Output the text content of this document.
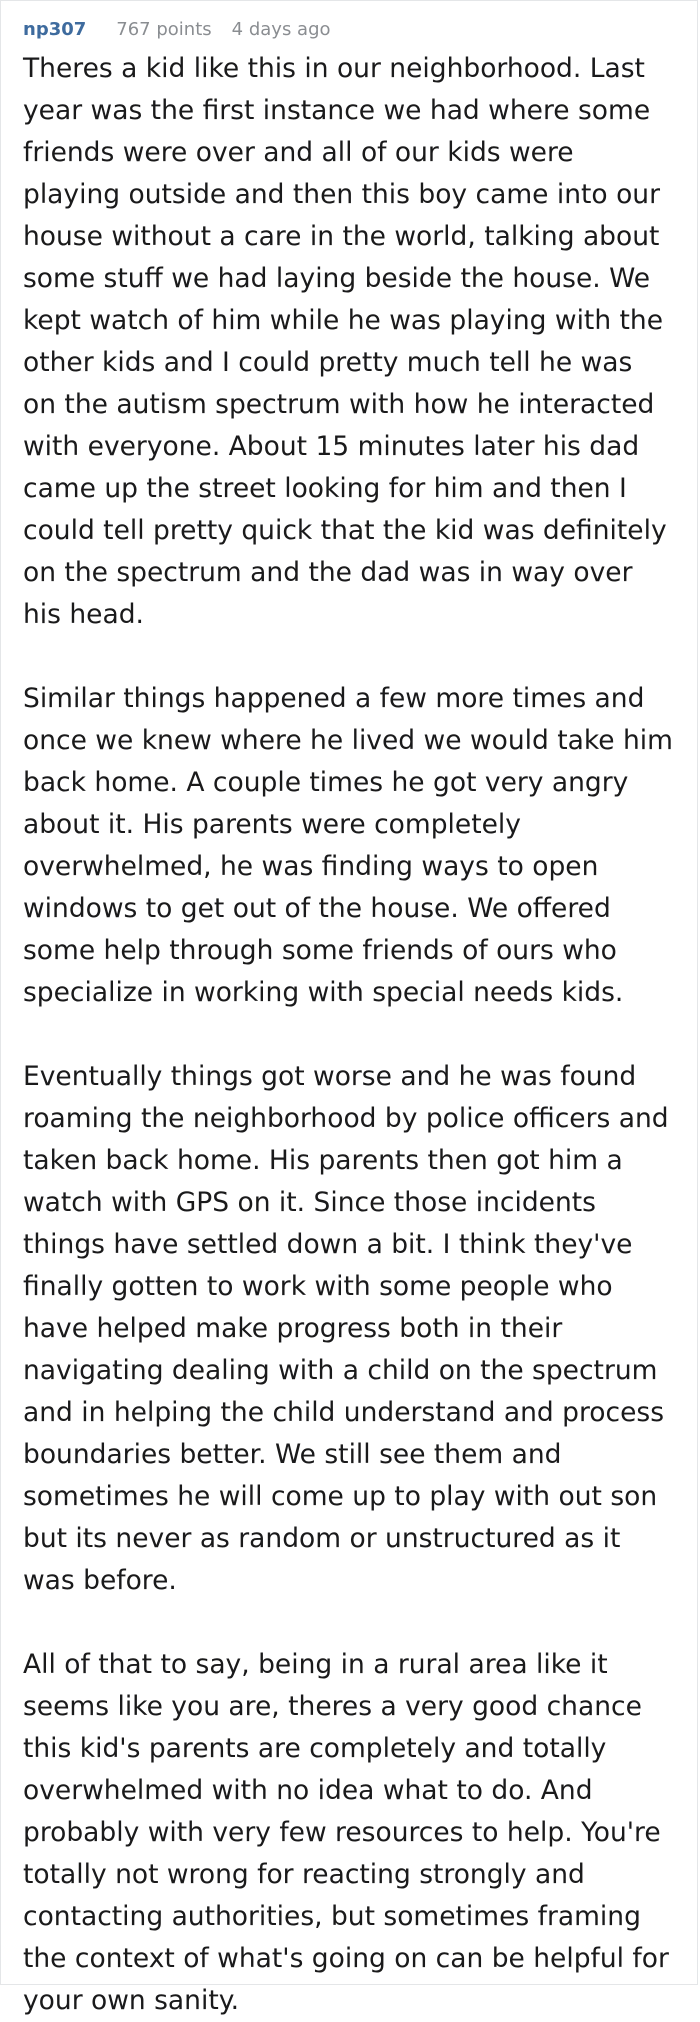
np307 767 points 4 days ago

Theres a kid like this in our neighborhood. Last year was the first instance we had where some friends were over and all of our kids were playing outside and then this boy came into our house without a care in the world, talking about some stuff we had laying beside the house. We kept watch of him while he was playing with the other kids and I could pretty much tell he was on the autism spectrum with how he interacted with everyone. About 15 minutes later his dad came up the street looking for him and then I could tell pretty quick that the kid was definitely on the spectrum and the dad was in way over his head.

Similar things happened a few more times and once we knew where he lived we would take him back home. A couple times he got very angry about it. His parents were completely overwhelmed, he was finding ways to open windows to get out of the house. We offered some help through some friends of ours who specialize in working with special needs kids.

Eventually things got worse and he was found roaming the neighborhood by police officers and taken back home. His parents then got him a watch with GPS on it. Since those incidents things have settled down a bit. I think they've finally gotten to work with some people who have helped make progress both in their navigating dealing with a child on the spectrum and in helping the child understand and process boundaries better. We still see them and sometimes he will come up to play with out son but its never as random or unstructured as it was before.

All of that to say, being in a rural area like it seems like you are, theres a very good chance this kid's parents are completely and totally overwhelmed with no idea what to do. And probably with very few resources to help. You're totally not wrong for reacting strongly and contacting authorities, but sometimes framing the context of what's going on can be helpful for your own sanity.
